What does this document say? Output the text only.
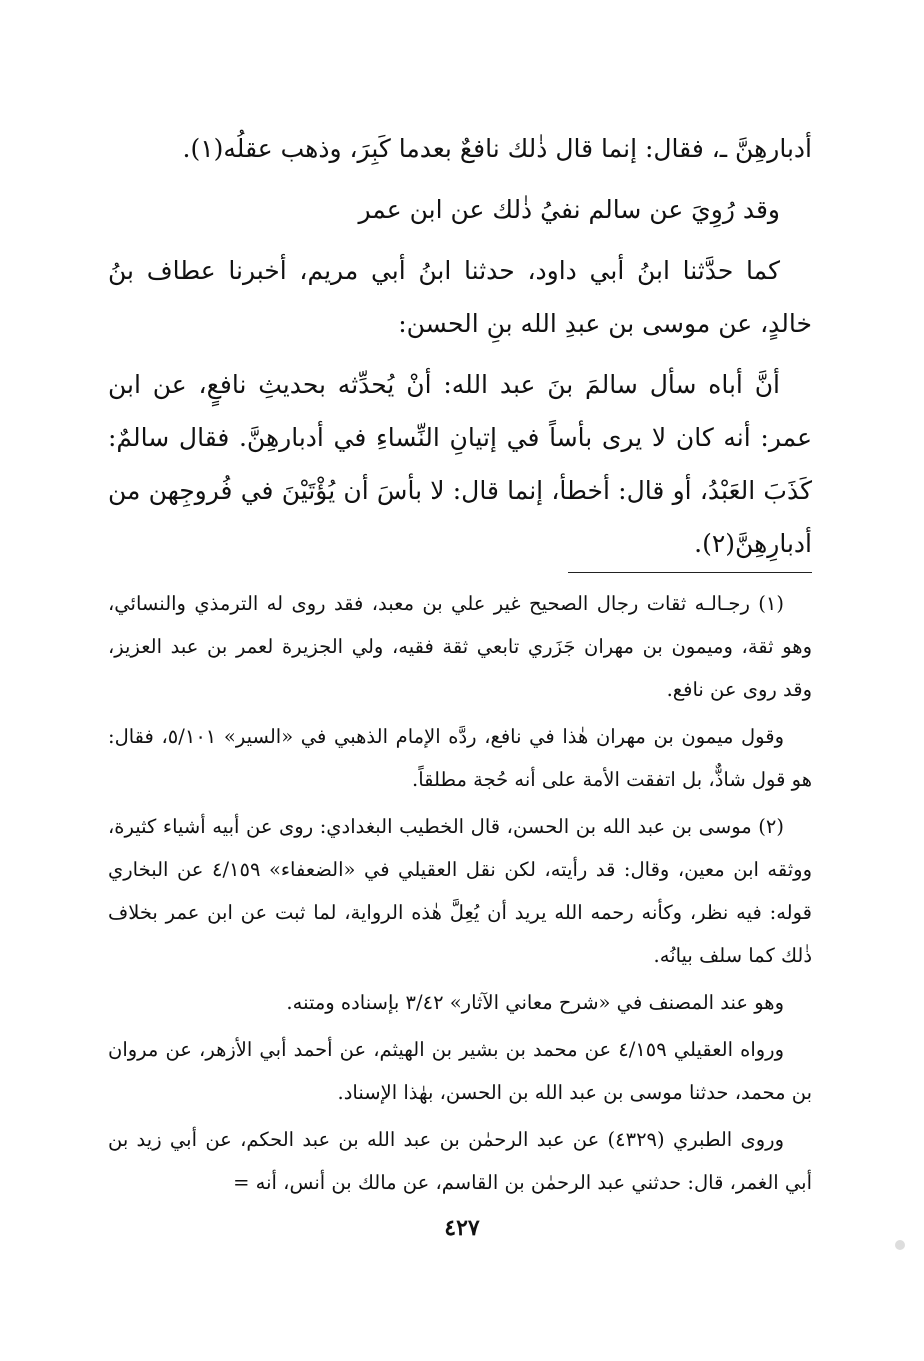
أدبارهِنَّ ـ، فقال: إنما قال ذٰلك نافعٌ بعدما كَبِرَ، وذهب عقلُه(١).

وقد رُوِيَ عن سالم نفيُ ذٰلك عن ابن عمر

كما حدَّثنا ابنُ أبي داود، حدثنا ابنُ أبي مريم، أخبرنا عطاف بنُ خالدٍ، عن موسى بن عبدِ الله بنِ الحسن:

أنَّ أباه سأل سالمَ بنَ عبد الله: أنْ يُحدِّثه بحديثِ نافعٍ، عن ابن عمر: أنه كان لا يرى بأساً في إتيانِ النِّساءِ في أدبارهِنَّ. فقال سالمٌ: كَذَبَ العَبْدُ، أو قال: أخطأ، إنما قال: لا بأسَ أن يُؤْتَيْنَ في فُروجِهن من أدبارِهِنَّ(٢).

(١) رجـالـه ثقات رجال الصحيح غير علي بن معبد، فقد روى له الترمذي والنسائي، وهو ثقة، وميمون بن مهران جَزَري تابعي ثقة فقيه، ولي الجزيرة لعمر بن عبد العزيز، وقد روى عن نافع.

وقول ميمون بن مهران هٰذا في نافع، ردَّه الإمام الذهبي في «السير» ٥/١٠١، فقال: هو قول شاذٌّ، بل اتفقت الأمة على أنه حُجة مطلقاً.

(٢) موسى بن عبد الله بن الحسن، قال الخطيب البغدادي: روى عن أبيه أشياء كثيرة، ووثقه ابن معين، وقال: قد رأيته، لكن نقل العقيلي في «الضعفاء» ٤/١٥٩ عن البخاري قوله: فيه نظر، وكأنه رحمه الله يريد أن يُعِلَّ هٰذه الرواية، لما ثبت عن ابن عمر بخلاف ذٰلك كما سلف بيانُه.

وهو عند المصنف في «شرح معاني الآثار» ٣/٤٢ بإسناده ومتنه.

ورواه العقيلي ٤/١٥٩ عن محمد بن بشير بن الهيثم، عن أحمد أبي الأزهر، عن مروان بن محمد، حدثنا موسى بن عبد الله بن الحسن، بهٰذا الإسناد.

وروى الطبري (٤٣٢٩) عن عبد الرحمٰن بن عبد الله بن عبد الحكم، عن أبي زيد بن أبي الغمر، قال: حدثني عبد الرحمٰن بن القاسم، عن مالك بن أنس، أنه =

٤٢٧
